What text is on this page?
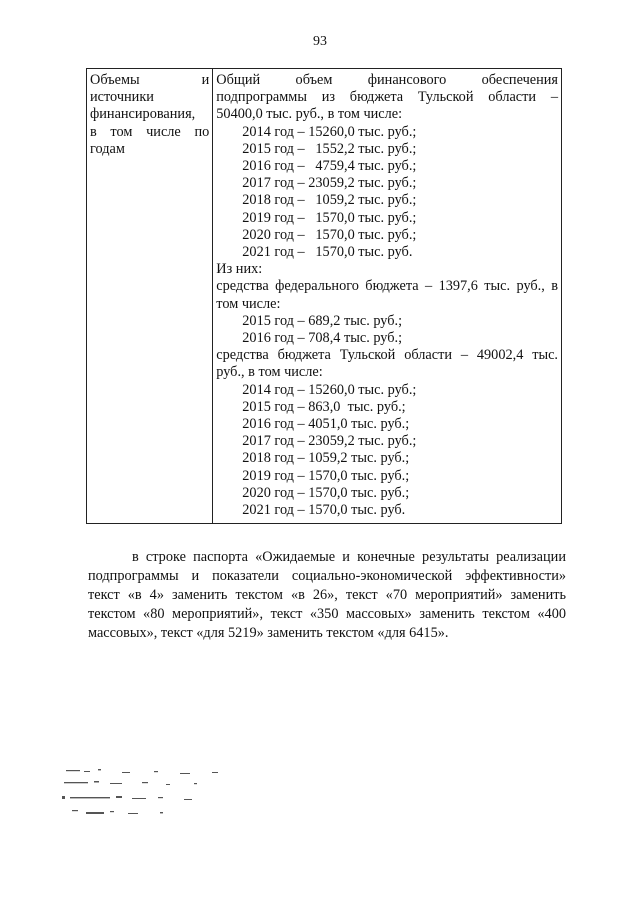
93
Объемы и
источники
финансирования,
в том числе по
годам

Общий объем финансового обеспечения
подпрограммы из бюджета Тульской области –
50400,0 тыс. руб., в том числе:
2014 год – 15260,0 тыс. руб.;
2015 год –   1552,2 тыс. руб.;
2016 год –   4759,4 тыс. руб.;
2017 год – 23059,2 тыс. руб.;
2018 год –   1059,2 тыс. руб.;
2019 год –   1570,0 тыс. руб.;
2020 год –   1570,0 тыс. руб.;
2021 год –   1570,0 тыс. руб.
Из них:
средства федерального бюджета – 1397,6 тыс. руб., в
том числе:
2015 год – 689,2 тыс. руб.;
2016 год – 708,4 тыс. руб.;
средства бюджета Тульской области – 49002,4 тыс.
руб., в том числе:
2014 год – 15260,0 тыс. руб.;
2015 год – 863,0  тыс. руб.;
2016 год – 4051,0 тыс. руб.;
2017 год – 23059,2 тыс. руб.;
2018 год – 1059,2 тыс. руб.;
2019 год – 1570,0 тыс. руб.;
2020 год – 1570,0 тыс. руб.;
2021 год – 1570,0 тыс. руб.
в строке паспорта «Ожидаемые и конечные результаты реализации
подпрограммы и показатели социально-экономической эффективности»
текст «в 4» заменить текстом «в 26», текст «70 мероприятий» заменить
текстом «80 мероприятий», текст «350 массовых» заменить текстом «400
массовых», текст «для 5219» заменить текстом «для 6415».
